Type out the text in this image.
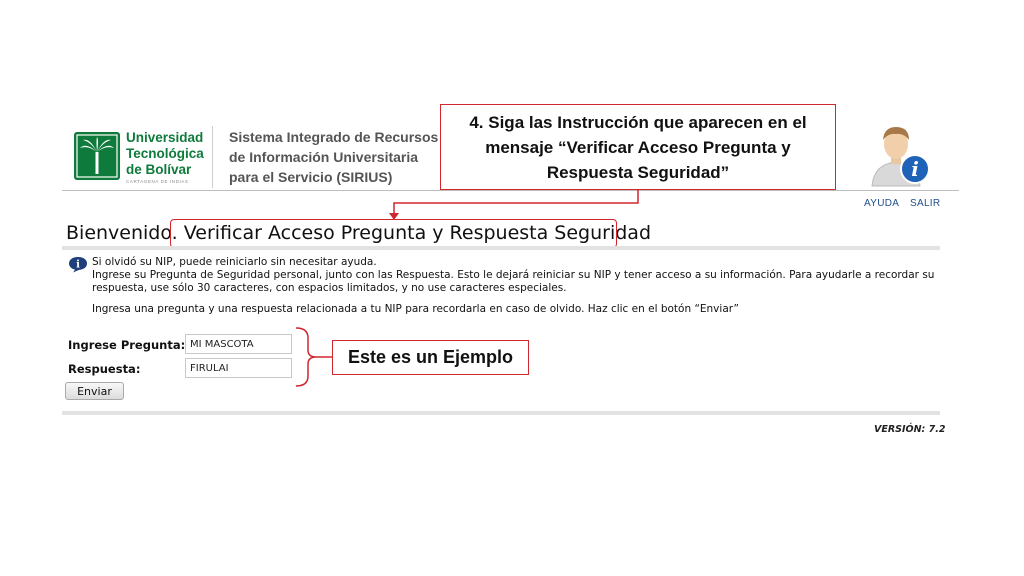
Universidad
Tecnológica
de Bolívar
CARTAGENA DE INDIAS
Sistema Integrado de Recursos
de Información Universitaria
para el Servicio (SIRIUS)
4. Siga las Instrucción que aparecen en el
mensaje “Verificar Acceso Pregunta y
Respuesta Seguridad”	i
AYUDA SALIR
Bienvenido. Verificar Acceso Pregunta y Respuesta Seguridad
i Si olvidó su NIP, puede reiniciarlo sin necesitar ayuda.

Ingrese su Pregunta de Seguridad personal, junto con las Respuesta. Esto le dejará reiniciar su NIP y tener acceso a su información. Para ayudarle a recordar su respuesta, use sólo 30 caracteres, con espacios limitados, y no use caracteres especiales.

Ingresa una pregunta y una respuesta relacionada a tu NIP para recordarla en caso de olvido. Haz clic en el botón “Enviar”

Ingrese Pregunta:
MI MASCOTA
Respuesta:
FIRULAI
Enviar
Este es un Ejemplo
VERSIÓN: 7.2
